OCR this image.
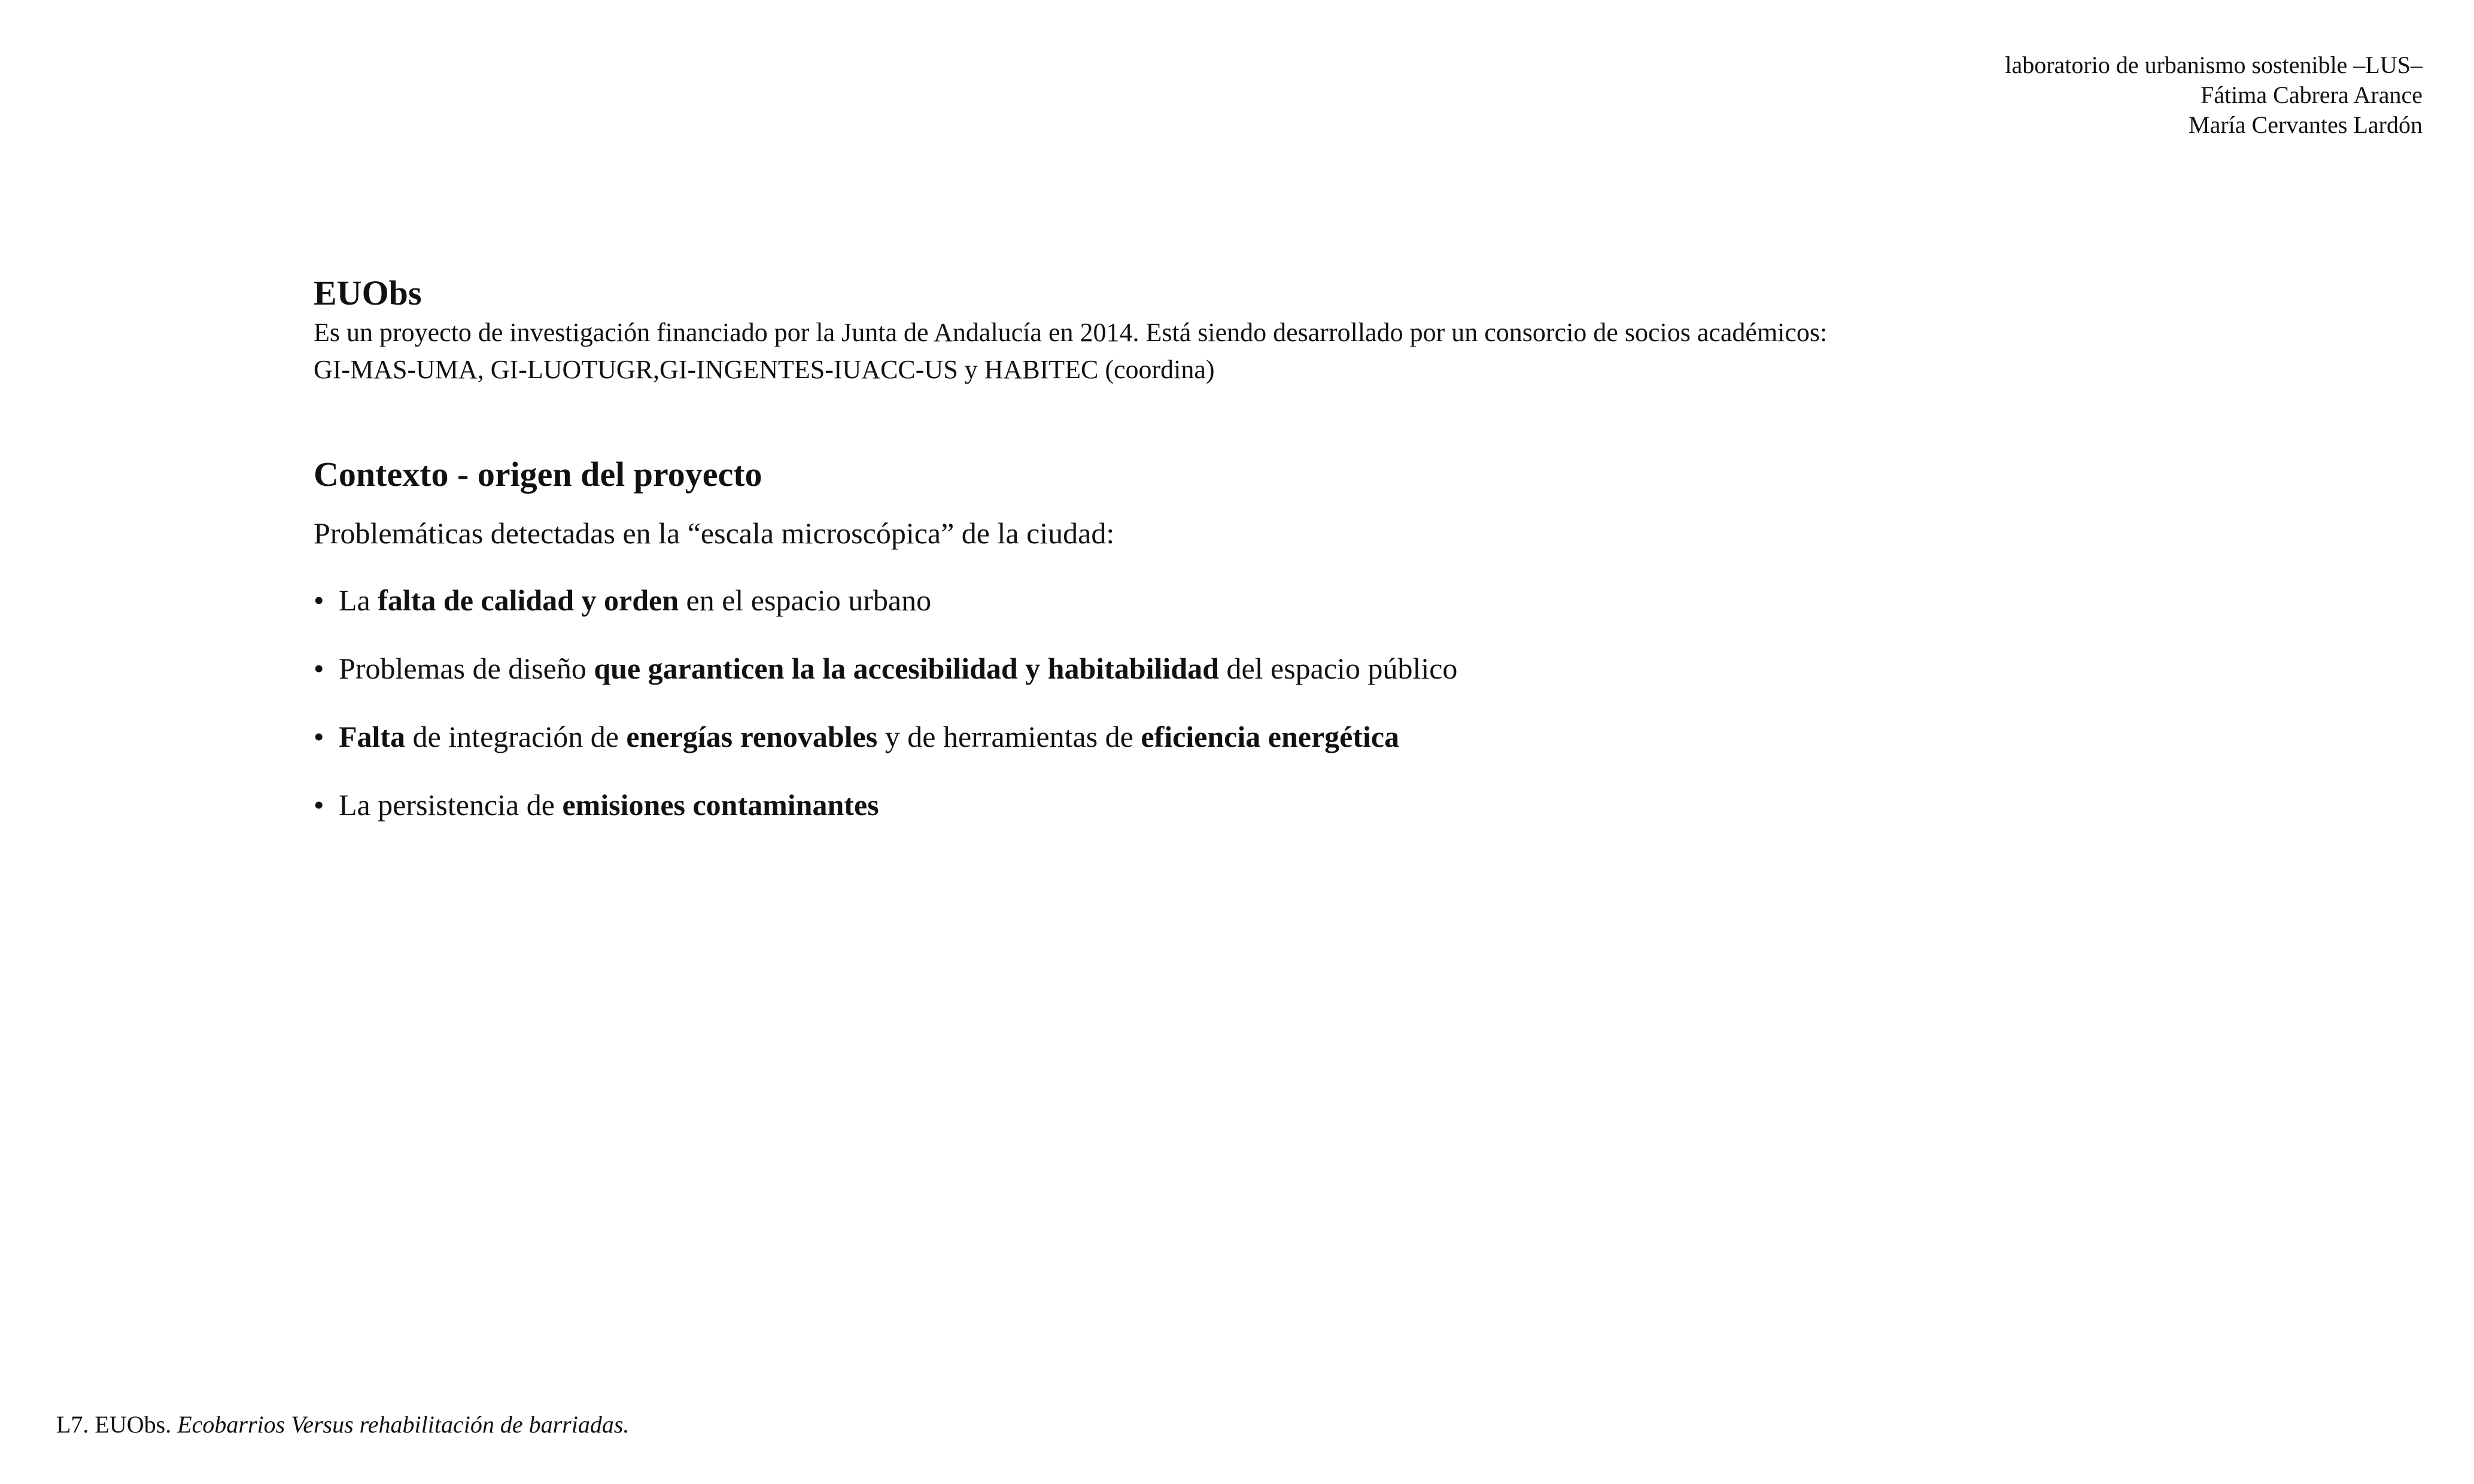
laboratorio de urbanismo sostenible –LUS–
Fátima Cabrera Arance
María Cervantes Lardón
EUObs

Es un proyecto de investigación financiado por la Junta de Andalucía en 2014. Está siendo desarrollado por un consorcio de socios académicos: GI-MAS-UMA, GI-LUOTUGR,GI-INGENTES-IUACC-US y HABITEC (coordina)

Contexto - origen del proyecto
Problemáticas detectadas en la “escala microscópica” de la ciudad:
• La falta de calidad y orden en el espacio urbano
• Problemas de diseño que garanticen la la accesibilidad y habitabilidad del espacio público
• Falta de integración de energías renovables y de herramientas de eficiencia energética
• La persistencia de emisiones contaminantes
L7. EUObs. Ecobarrios Versus rehabilitación de barriadas.
